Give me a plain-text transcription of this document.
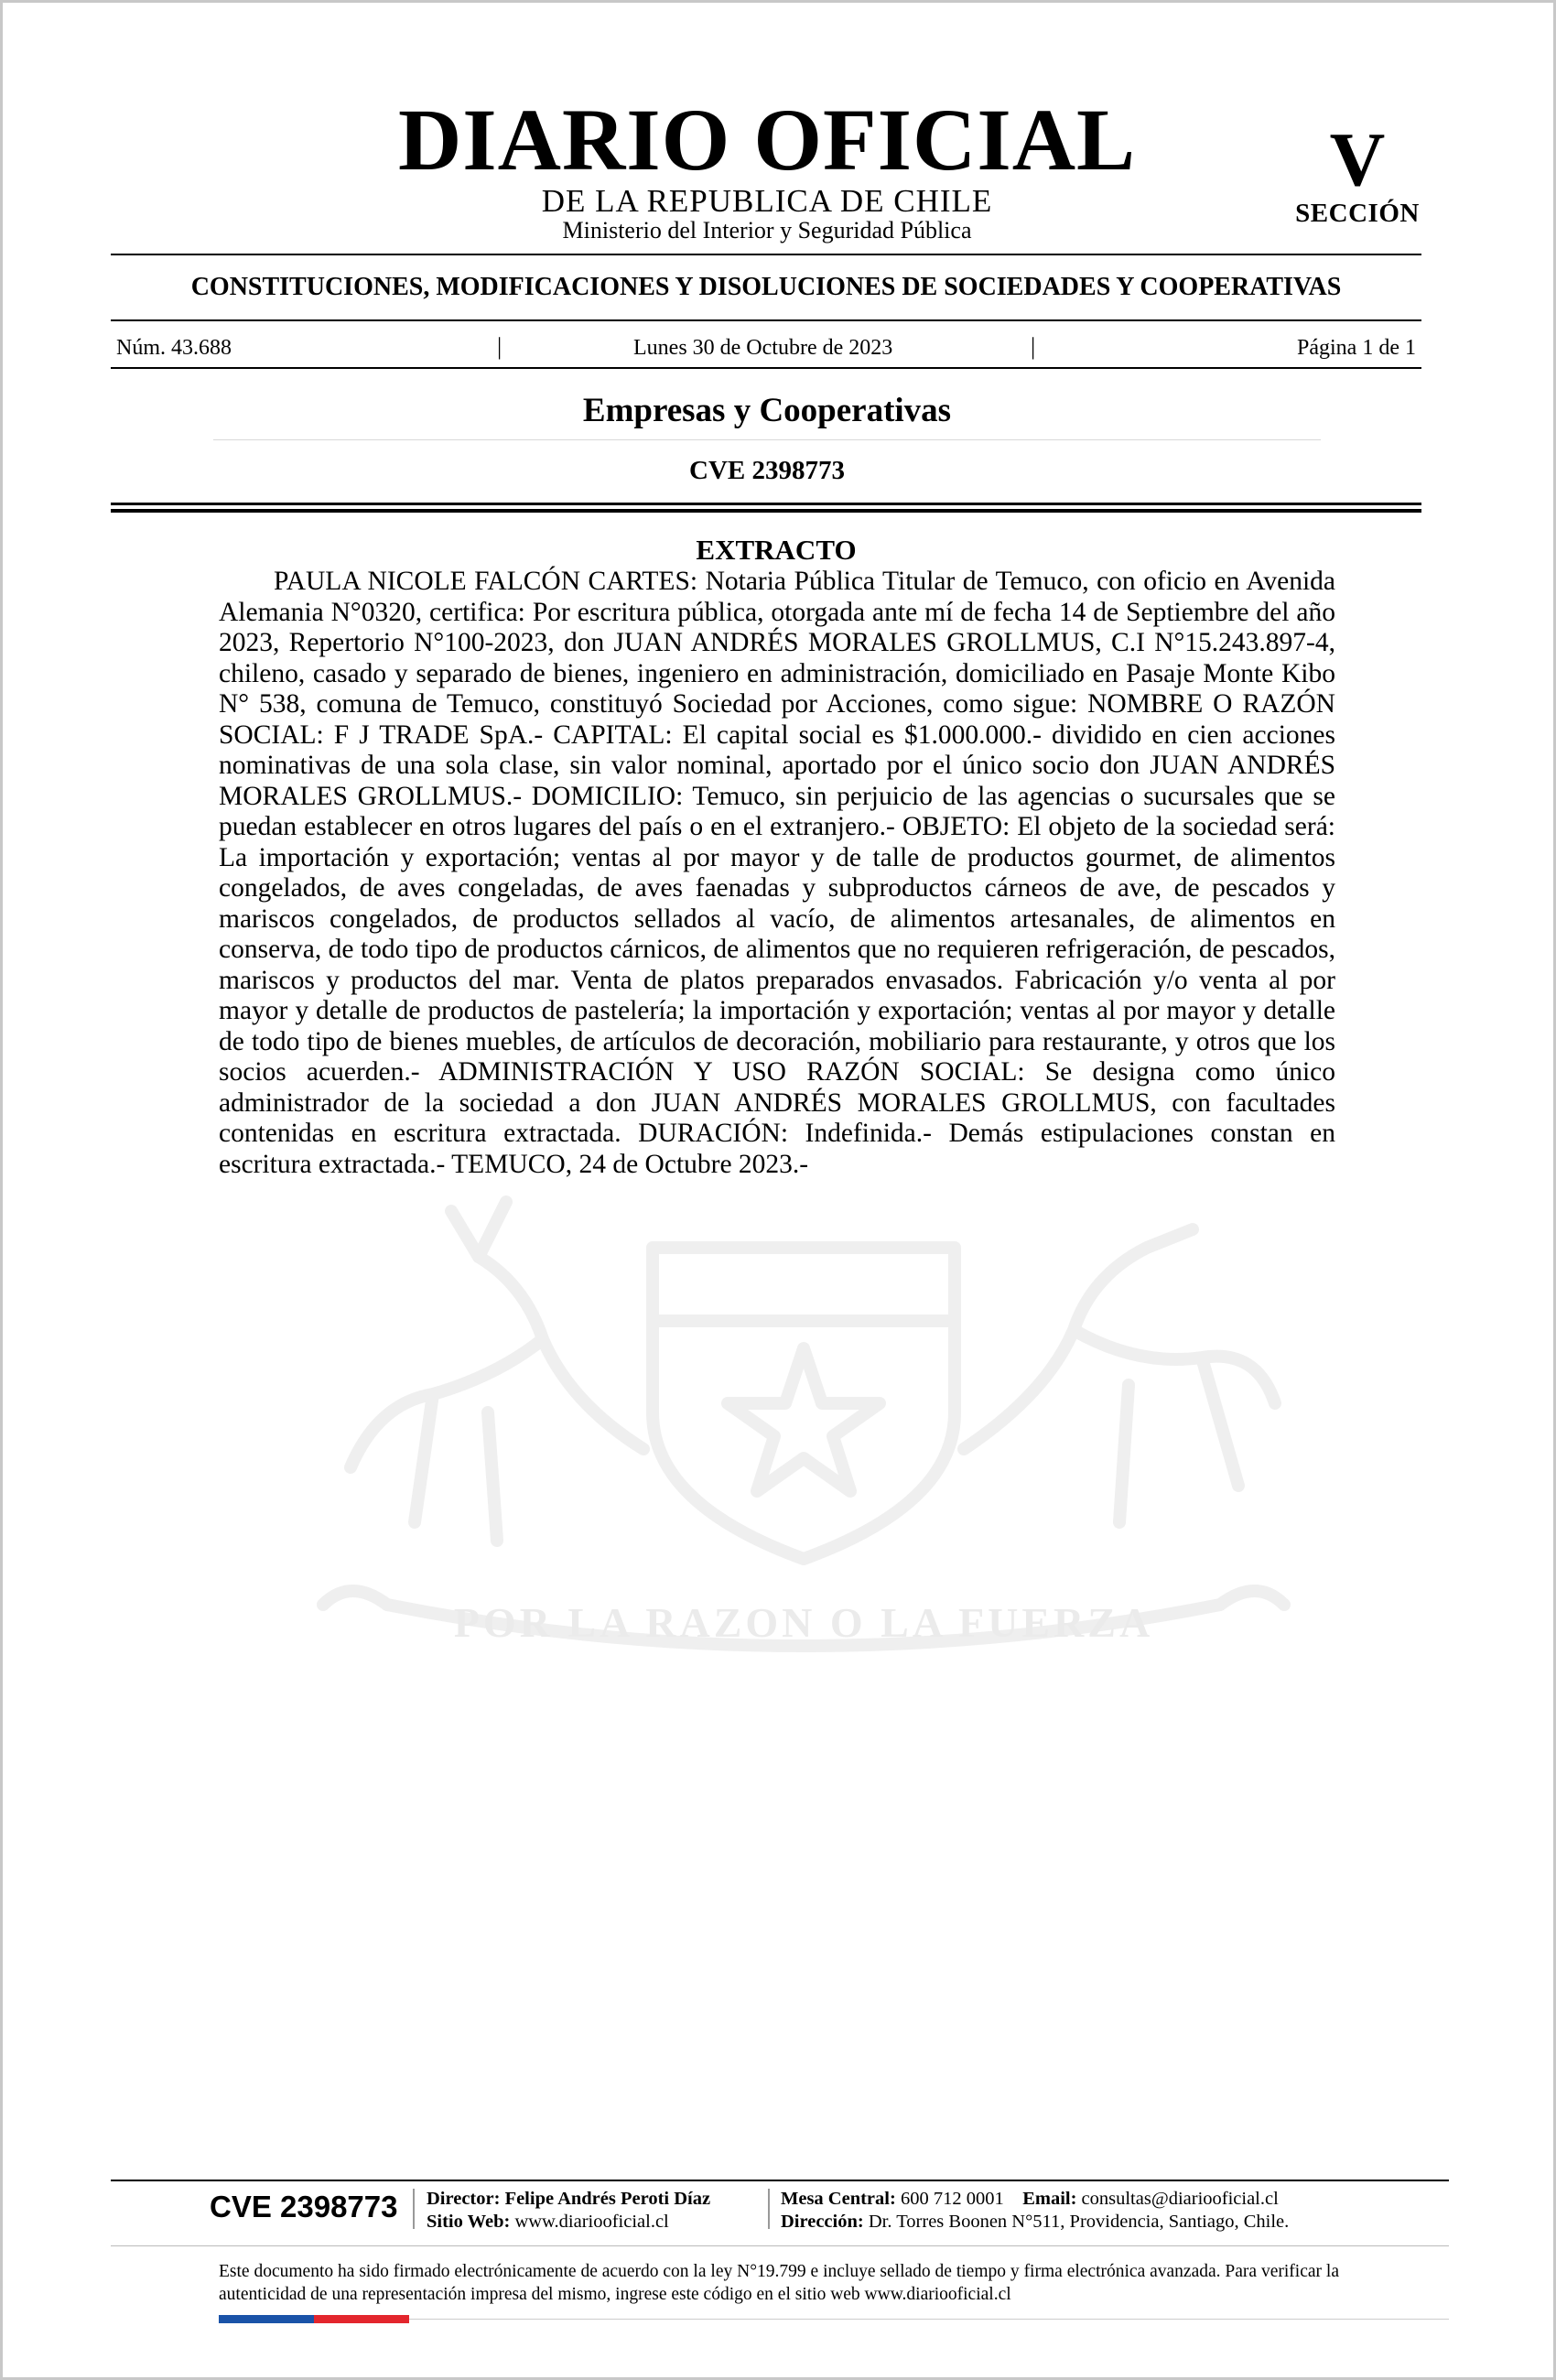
DIARIO OFICIAL
DE LA REPUBLICA DE CHILE
Ministerio del Interior y Seguridad Pública
V
SECCIÓN
CONSTITUCIONES, MODIFICACIONES Y DISOLUCIONES DE SOCIEDADES Y COOPERATIVAS
Núm. 43.688	|	Lunes 30 de Octubre de 2023	|	Página 1 de 1
Empresas y Cooperativas
CVE 2398773
POR LA RAZON O LA FUERZA
EXTRACTO

PAULA NICOLE FALCÓN CARTES: Notaria Pública Titular de Temuco, con oficio en Avenida Alemania N°0320, certifica: Por escritura pública, otorgada ante mí de fecha 14 de Septiembre del año 2023, Repertorio N°100-2023, don JUAN ANDRÉS MORALES GROLLMUS, C.I N°15.243.897-4, chileno, casado y separado de bienes, ingeniero en administración, domiciliado en Pasaje Monte Kibo N° 538, comuna de Temuco, constituyó Sociedad por Acciones, como sigue: NOMBRE O RAZÓN SOCIAL: F J TRADE SpA.- CAPITAL: El capital social es $1.000.000.- dividido en cien acciones nominativas de una sola clase, sin valor nominal, aportado por el único socio don JUAN ANDRÉS MORALES GROLLMUS.- DOMICILIO: Temuco, sin perjuicio de las agencias o sucursales que se puedan establecer en otros lugares del país o en el extranjero.- OBJETO: El objeto de la sociedad será: La importación y exportación; ventas al por mayor y de talle de productos gourmet, de alimentos congelados, de aves congeladas, de aves faenadas y subproductos cárneos de ave, de pescados y mariscos congelados, de productos sellados al vacío, de alimentos artesanales, de alimentos en conserva, de todo tipo de productos cárnicos, de alimentos que no requieren refrigeración, de pescados, mariscos y productos del mar. Venta de platos preparados envasados. Fabricación y/o venta al por mayor y detalle de productos de pastelería; la importación y exportación; ventas al por mayor y detalle de todo tipo de bienes muebles, de artículos de decoración, mobiliario para restaurante, y otros que los socios acuerden.- ADMINISTRACIÓN Y USO RAZÓN SOCIAL: Se designa como único administrador de la sociedad a don JUAN ANDRÉS MORALES GROLLMUS, con facultades contenidas en escritura extractada. DURACIÓN: Indefinida.- Demás estipulaciones constan en escritura extractada.- TEMUCO, 24 de Octubre 2023.-

CVE 2398773 Director: Felipe Andrés Peroti Díaz
Sitio Web: www.diariooficial.cl
Mesa Central: 600 712 0001 Email: consultas@diariooficial.cl
Dirección: Dr. Torres Boonen N°511, Providencia, Santiago, Chile.

Este documento ha sido firmado electrónicamente de acuerdo con la ley N°19.799 e incluye sellado de tiempo y firma electrónica avanzada. Para verificar la autenticidad de una representación impresa del mismo, ingrese este código en el sitio web www.diariooficial.cl
